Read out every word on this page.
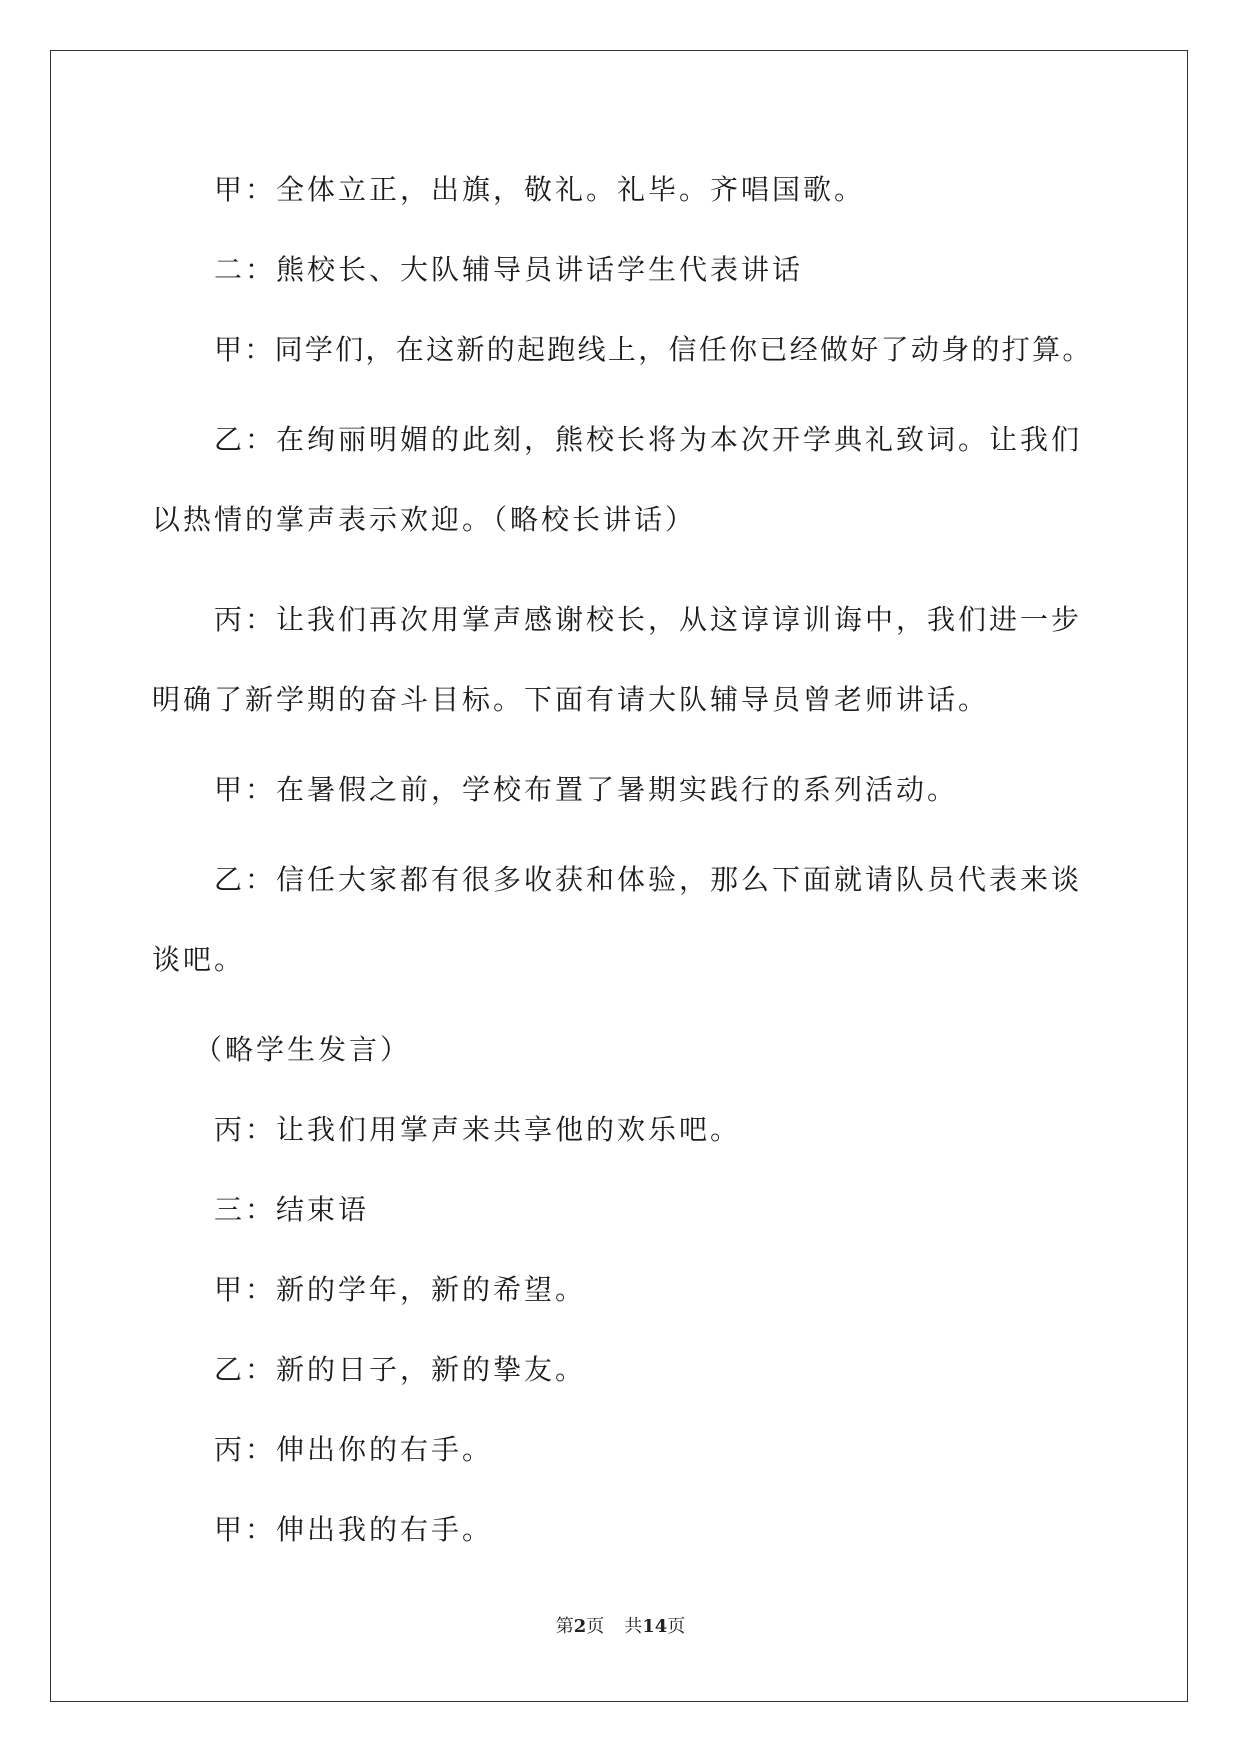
甲：全体立正，出旗，敬礼。礼毕。齐唱国歌。

二：熊校长、大队辅导员讲话学生代表讲话

甲：同学们，在这新的起跑线上，信任你已经做好了动身的打算。

乙：在绚丽明媚的此刻，熊校长将为本次开学典礼致词。让我们以热情的掌声表示欢迎。（略校长讲话）

丙：让我们再次用掌声感谢校长，从这谆谆训诲中，我们进一步明确了新学期的奋斗目标。下面有请大队辅导员曾老师讲话。

甲：在暑假之前，学校布置了暑期实践行的系列活动。

乙：信任大家都有很多收获和体验，那么下面就请队员代表来谈谈吧。

（略学生发言）

丙：让我们用掌声来共享他的欢乐吧。

三：结束语

甲：新的学年，新的希望。

乙：新的日子，新的挚友。

丙：伸出你的右手。

甲：伸出我的右手。

第2页 共14页
